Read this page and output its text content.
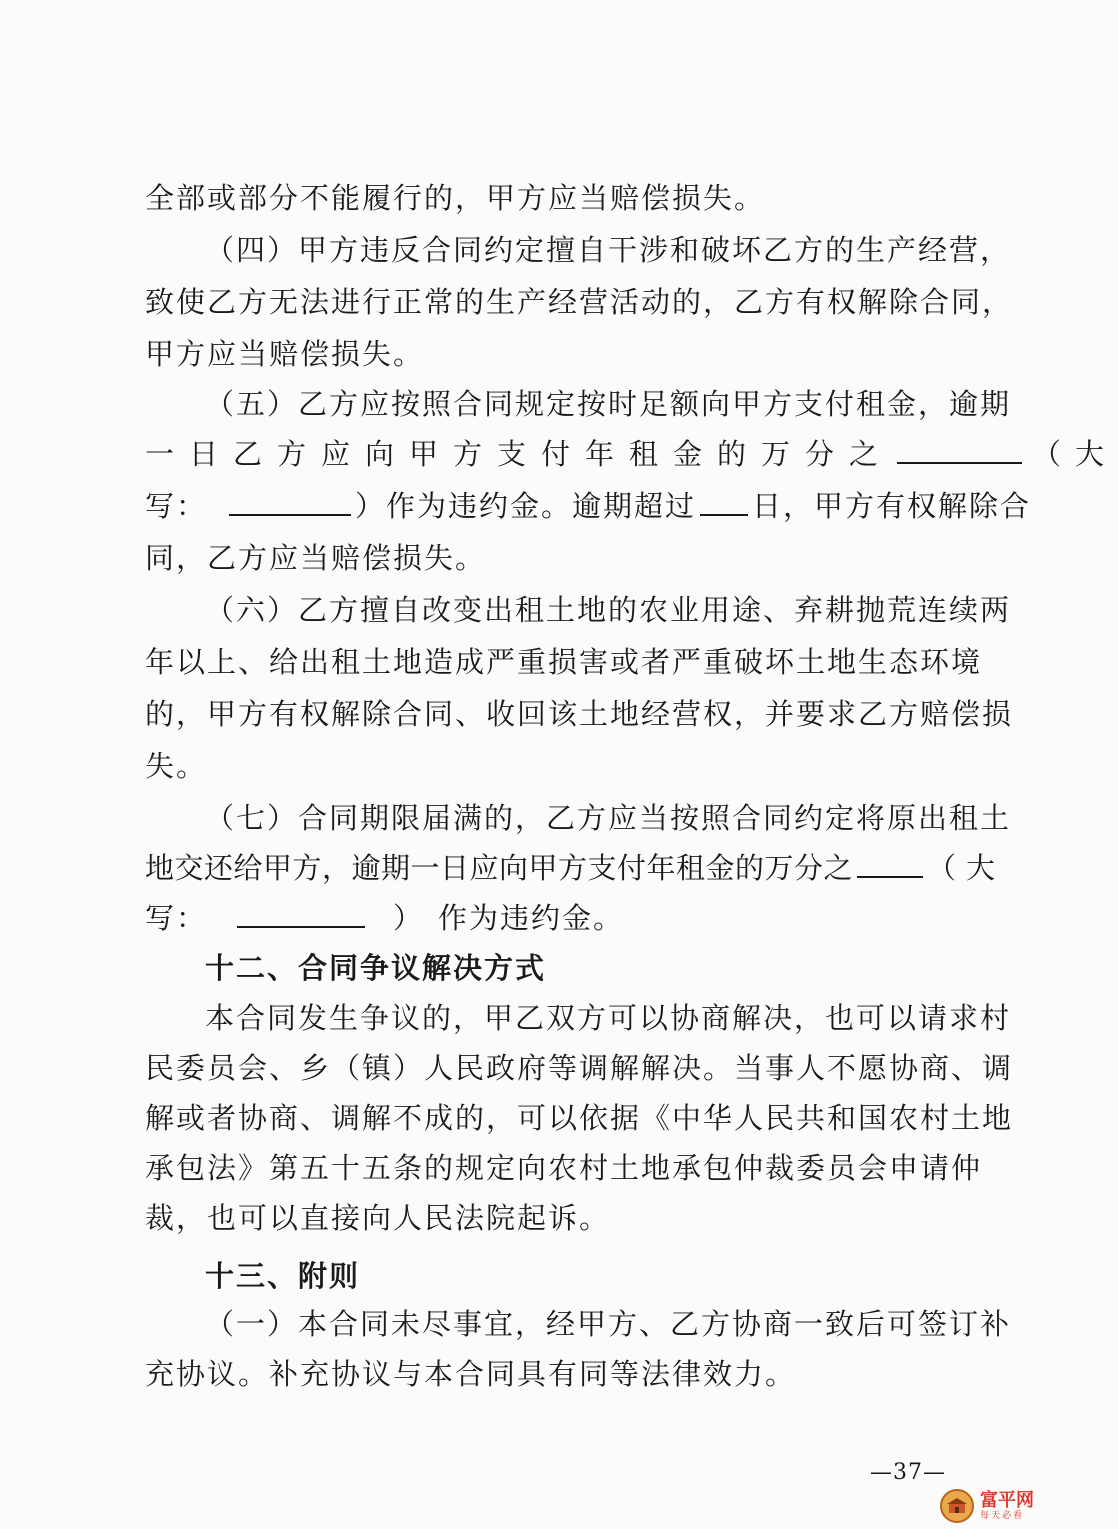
全部或部分不能履行的，甲方应当赔偿损失。
（四）甲方违反合同约定擅自干涉和破坏乙方的生产经营，
致使乙方无法进行正常的生产经营活动的，乙方有权解除合同，
甲方应当赔偿损失。
（五）乙方应按照合同规定按时足额向甲方支付租金，逾期
一日乙方应向甲方支付年租金的万分之	（大
写：	）作为违约金。逾期超过 日，甲方有权解除合
同，乙方应当赔偿损失。
（六）乙方擅自改变出租土地的农业用途、弃耕抛荒连续两
年以上、给出租土地造成严重损害或者严重破坏土地生态环境
的，甲方有权解除合同、收回该土地经营权，并要求乙方赔偿损
失。
（七）合同期限届满的，乙方应当按照合同约定将原出租土
地交还给甲方，逾期一日应向甲方支付年租金的万分之	（大
写：	） 作为违约金。
十二、合同争议解决方式
本合同发生争议的，甲乙双方可以协商解决，也可以请求村
民委员会、乡（镇）人民政府等调解解决。当事人不愿协商、调
解或者协商、调解不成的，可以依据《中华人民共和国农村土地
承包法》第五十五条的规定向农村土地承包仲裁委员会申请仲
裁，也可以直接向人民法院起诉。
十三、附则
（一）本合同未尽事宜，经甲方、乙方协商一致后可签订补
充协议。补充协议与本合同具有同等法律效力。
—37—
富平网
每天必看
